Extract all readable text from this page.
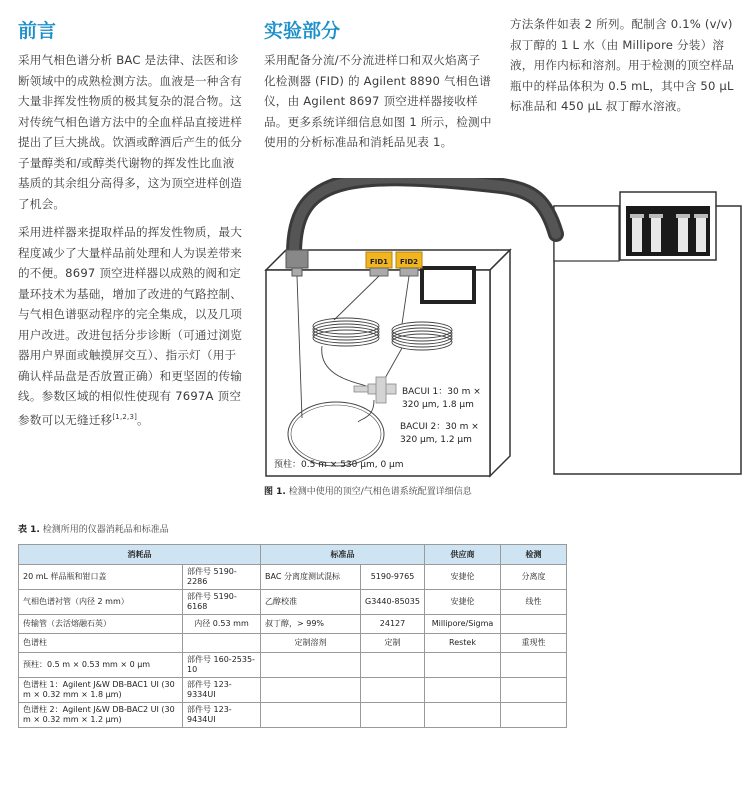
前言

采用气相色谱分析 BAC 是法律、法医和诊断领域中的成熟检测方法。血液是一种含有大量非挥发性物质的极其复杂的混合物。这对传统气相色谱方法中的全血样品直接进样提出了巨大挑战。饮酒或醉酒后产生的低分子量醇类和/或醇类代谢物的挥发性比血液基质的其余组分高得多，这为顶空进样创造了机会。

采用进样器来提取样品的挥发性物质，最大程度减少了大量样品前处理和人为误差带来的不便。8697 顶空进样器以成熟的阀和定量环技术为基础，增加了改进的气路控制、与气相色谱驱动程序的完全集成，以及几项用户改进。改进包括分步诊断（可通过浏览器用户界面或触摸屏交互）、指示灯（用于确认样品盘是否放置正确）和更坚固的传输线。参数区域的相似性使现有 7697A 顶空参数可以无缝迁移[1,2,3]。

实验部分

采用配备分流/不分流进样口和双火焰离子化检测器 (FID) 的 Agilent 8890 气相色谱仪，由 Agilent 8697 顶空进样器接收样品。更多系统详细信息如图 1 所示，检测中使用的分析标准品和消耗品见表 1。

方法条件如表 2 所列。配制含 0.1% (v/v) 叔丁醇的 1 L 水（由 Millipore 分装）溶液，用作内标和溶剂。用于检测的顶空样品瓶中的样品体积为 0.5 mL，其中含 50 µL 标准品和 450 µL 叔丁醇水溶液。

FID1 FID2
BACUI 1：30 m ×
320 µm, 1.8 µm
BACUI 2：30 m ×
320 µm, 1.2 µm
预柱：0.5 m × 530 µm, 0 µm
图 1. 检测中使用的顶空/气相色谱系统配置详细信息
表 1. 检测所用的仪器消耗品和标准品
消耗品		标准品		供应商	检测
20 mL 样品瓶和钳口盖	部件号 5190-2286	BAC 分离度测试混标	5190-9765	安捷伦	分离度
气相色谱衬管（内径 2 mm）	部件号 5190-6168	乙醇校准	G3440-85035	安捷伦	线性
传输管（去活熔融石英）	内径 0.53 mm	叔丁醇，> 99%	24127	Millipore/Sigma	
色谱柱		定制溶剂	定制	Restek	重现性
预柱：0.5 m × 0.53 mm × 0 µm	部件号 160-2535-10				
色谱柱 1：Agilent J&W DB-BAC1 UI (30 m × 0.32 mm × 1.8 µm)	部件号 123-9334UI				
色谱柱 2：Agilent J&W DB-BAC2 UI (30 m × 0.32 mm × 1.2 µm)	部件号 123-9434UI				
